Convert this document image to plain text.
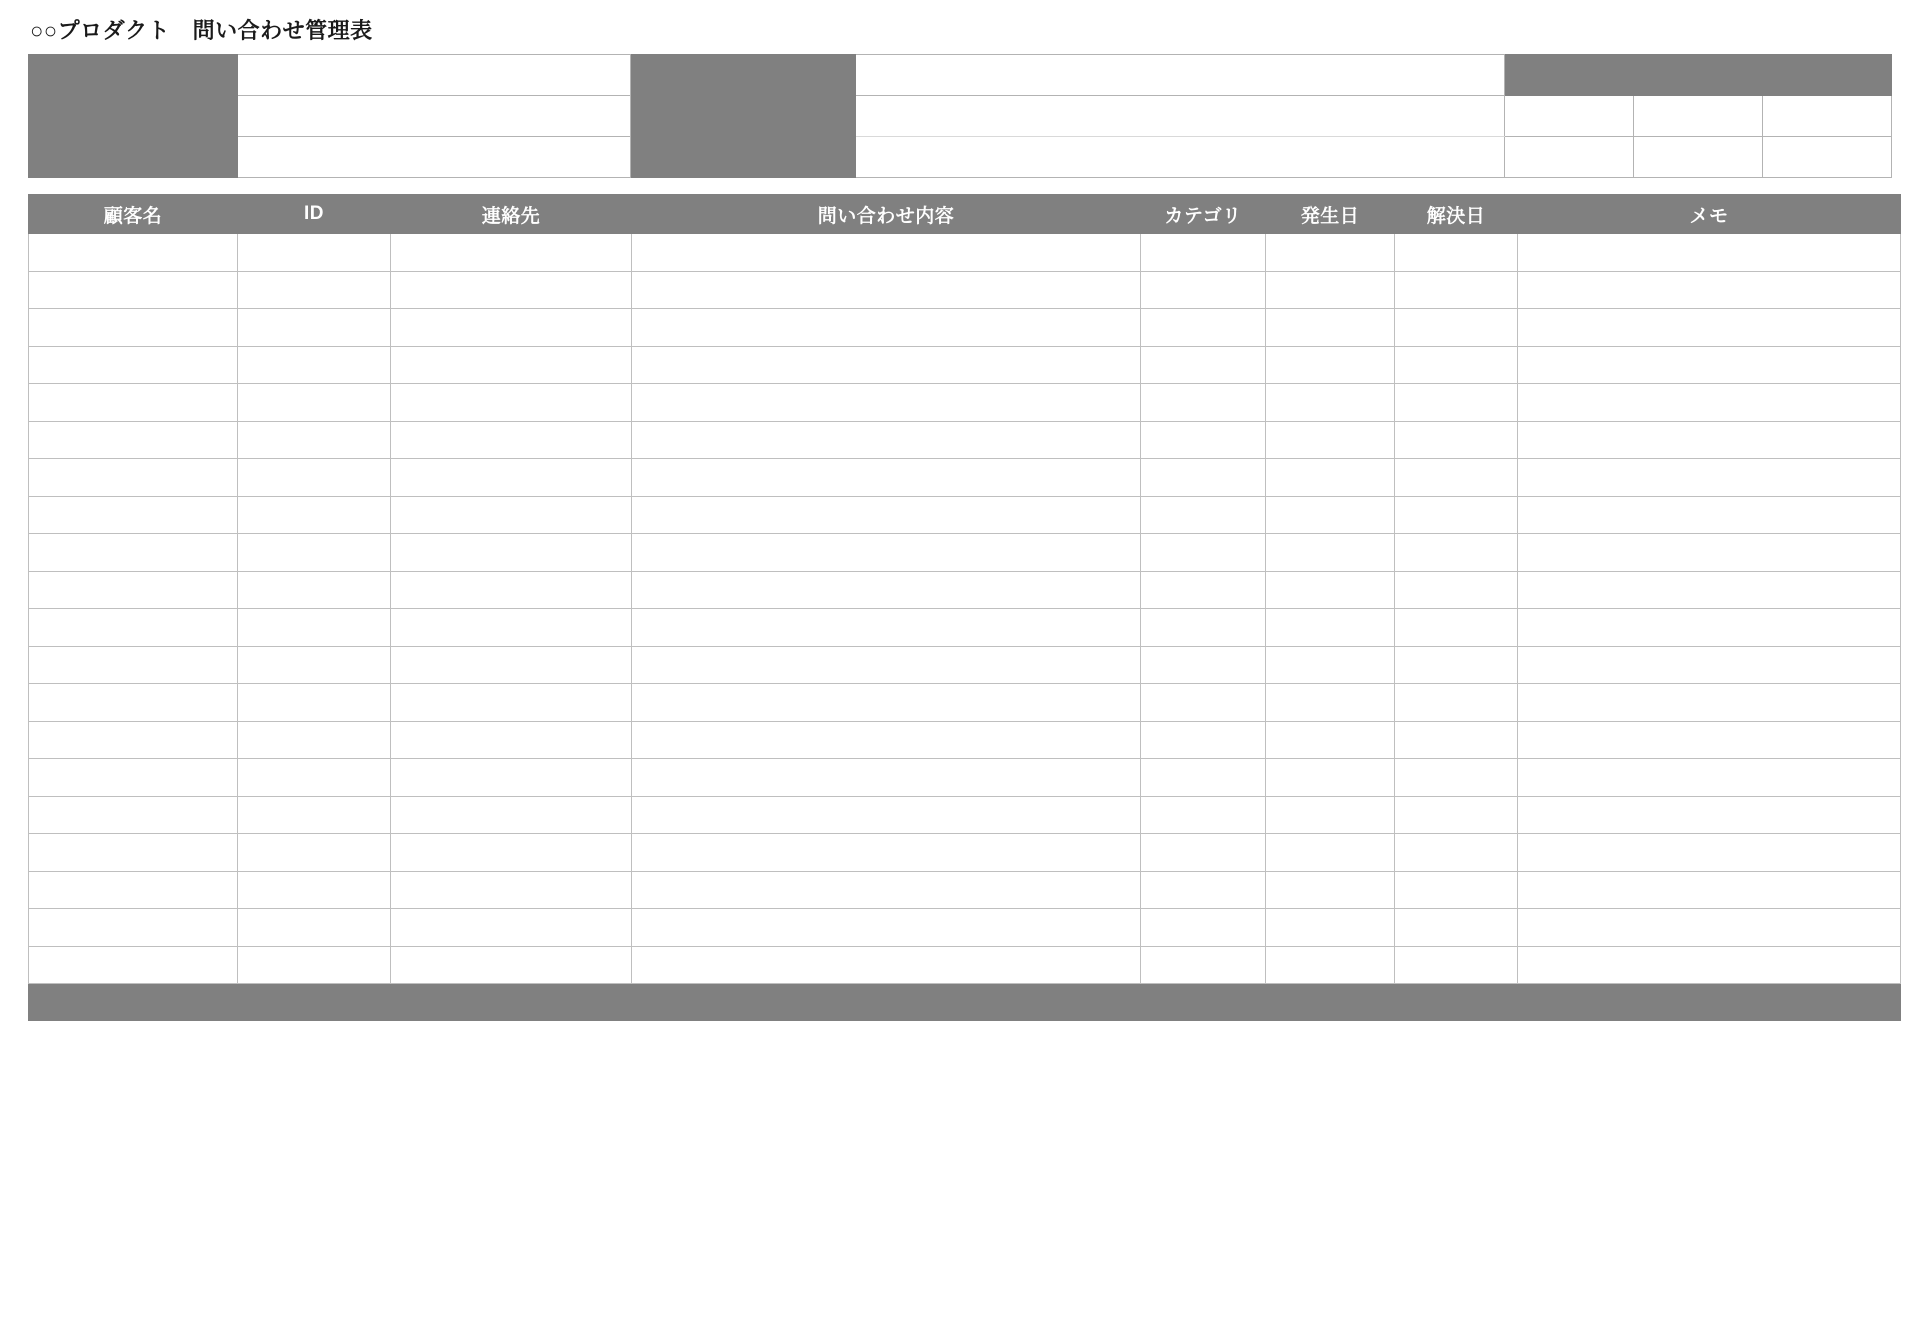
○○プロダクト　問い合わせ管理表

顧客名	ID	連絡先	問い合わせ内容	カテゴリ	発生日	解決日	メモ
